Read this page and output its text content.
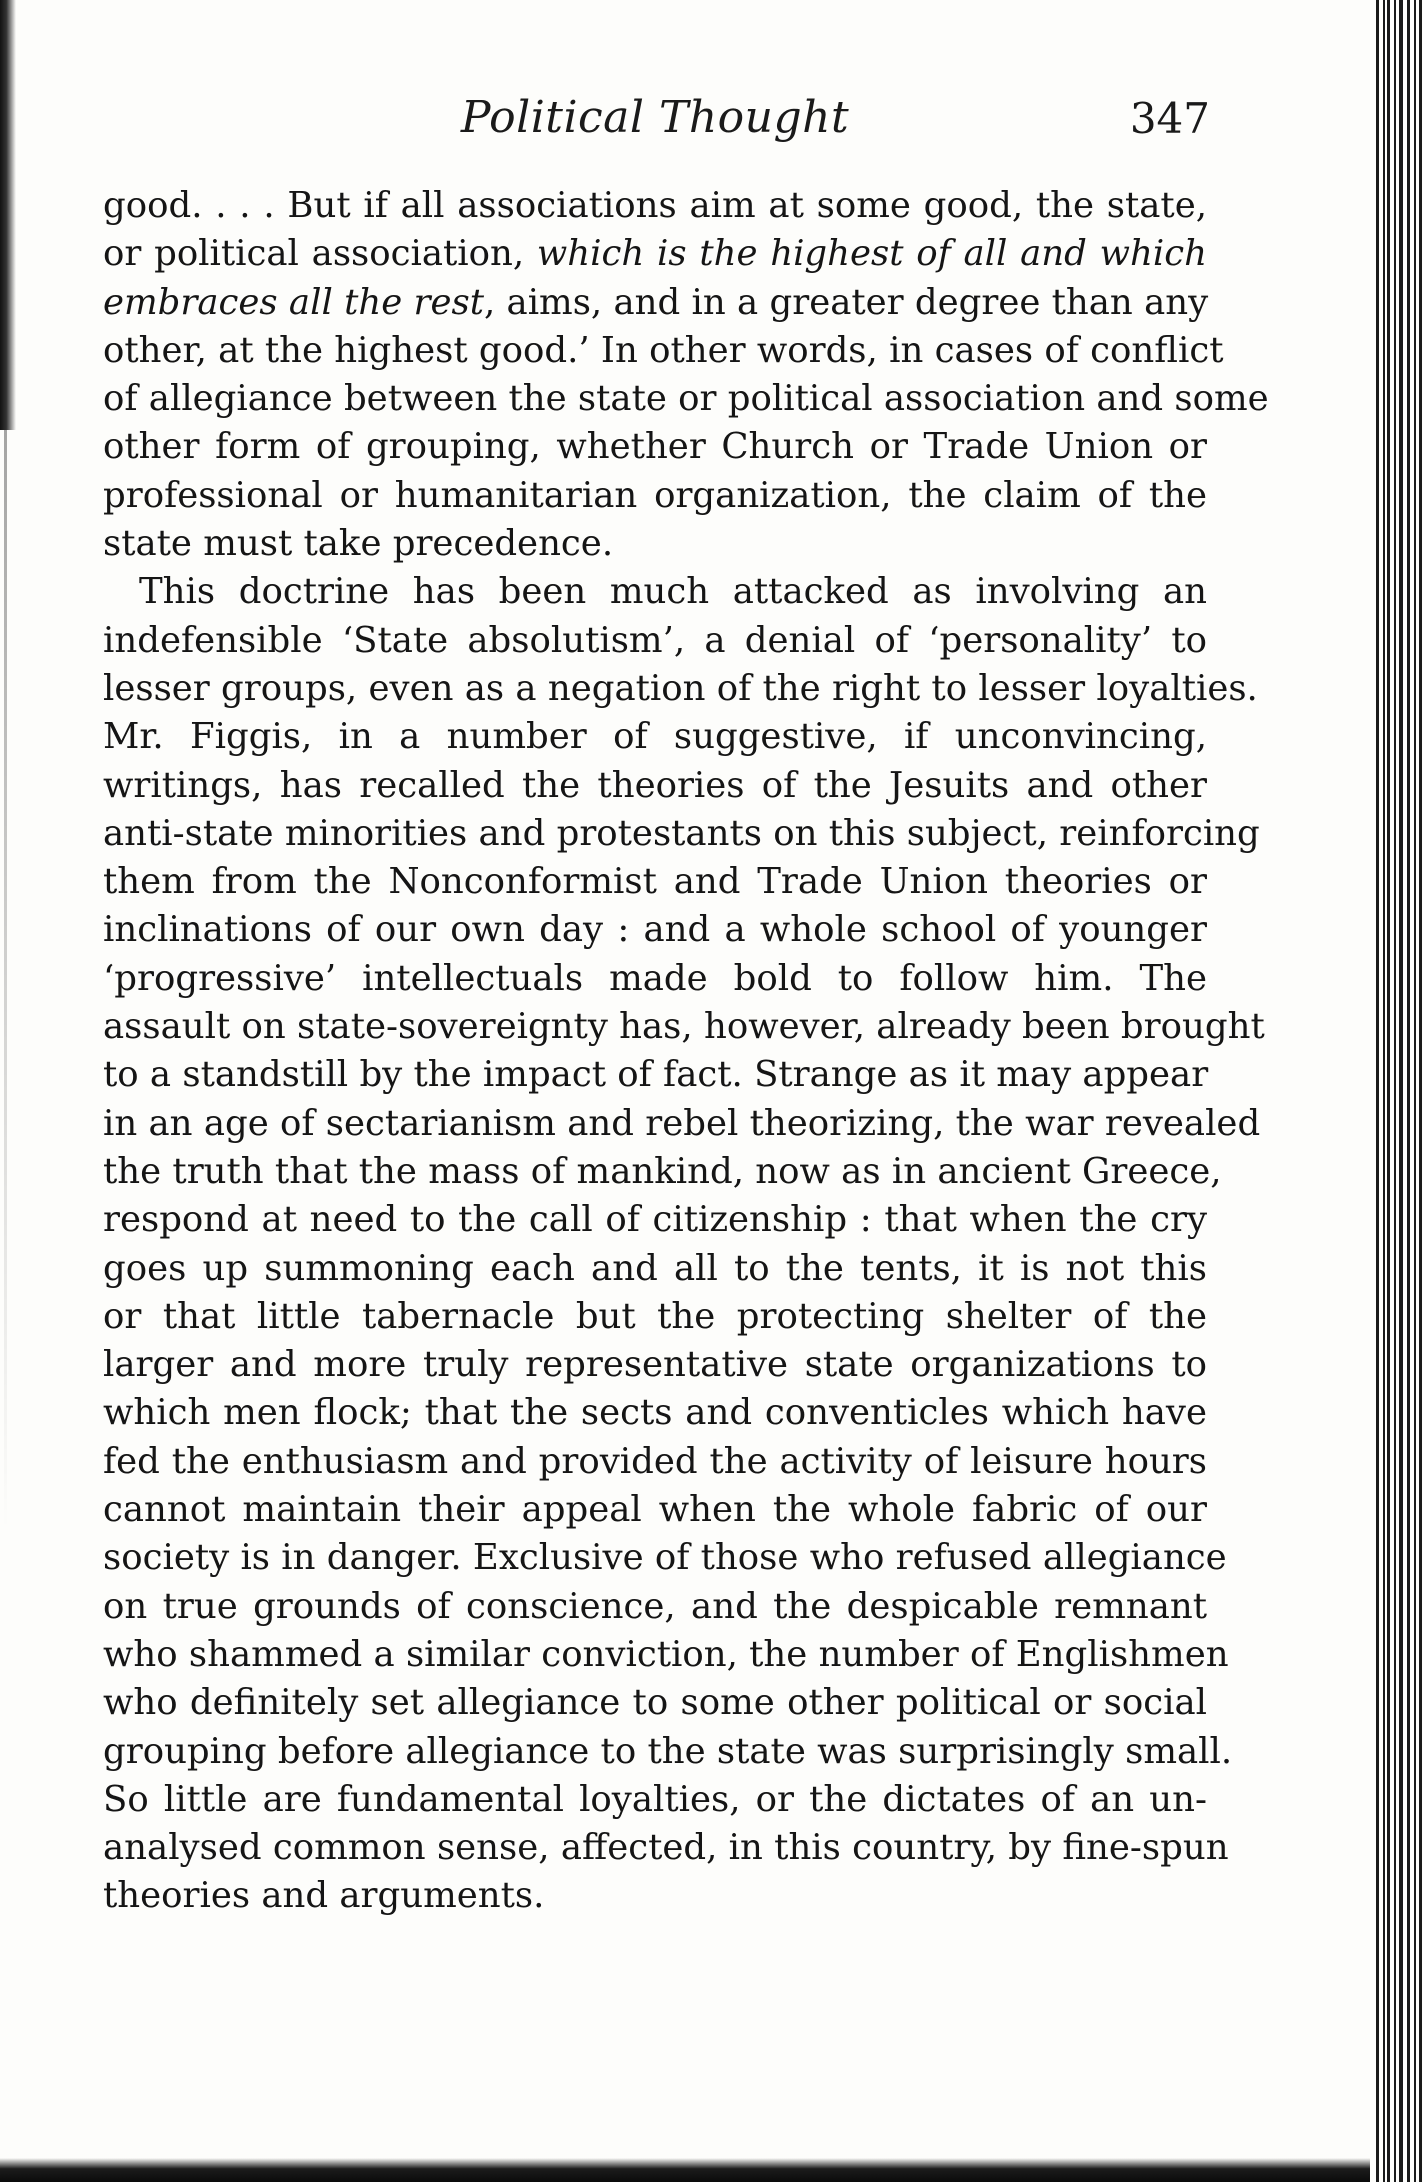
Political Thought	347
good. . . . But if all associations aim at some good, the state,
or political association, which is the highest of all and which
embraces all the rest, aims, and in a greater degree than any
other, at the highest good.’ In other words, in cases of conflict
of allegiance between the state or political association and some
other form of grouping, whether Church or Trade Union or
professional or humanitarian organization, the claim of the
state must take precedence.
This doctrine has been much attacked as involving an
indefensible ‘State absolutism’, a denial of ‘personality’ to
lesser groups, even as a negation of the right to lesser loyalties.
Mr. Figgis, in a number of suggestive, if unconvincing,
writings, has recalled the theories of the Jesuits and other
anti-state minorities and protestants on this subject, reinforcing
them from the Nonconformist and Trade Union theories or
inclinations of our own day : and a whole school of younger
‘progressive’ intellectuals made bold to follow him. The
assault on state-sovereignty has, however, already been brought
to a standstill by the impact of fact. Strange as it may appear
in an age of sectarianism and rebel theorizing, the war revealed
the truth that the mass of mankind, now as in ancient Greece,
respond at need to the call of citizenship : that when the cry
goes up summoning each and all to the tents, it is not this
or that little tabernacle but the protecting shelter of the
larger and more truly representative state organizations to
which men flock; that the sects and conventicles which have
fed the enthusiasm and provided the activity of leisure hours
cannot maintain their appeal when the whole fabric of our
society is in danger. Exclusive of those who refused allegiance
on true grounds of conscience, and the despicable remnant
who shammed a similar conviction, the number of Englishmen
who definitely set allegiance to some other political or social
grouping before allegiance to the state was surprisingly small.
So little are fundamental loyalties, or the dictates of an un-
analysed common sense, affected, in this country, by fine-spun
theories and arguments.
